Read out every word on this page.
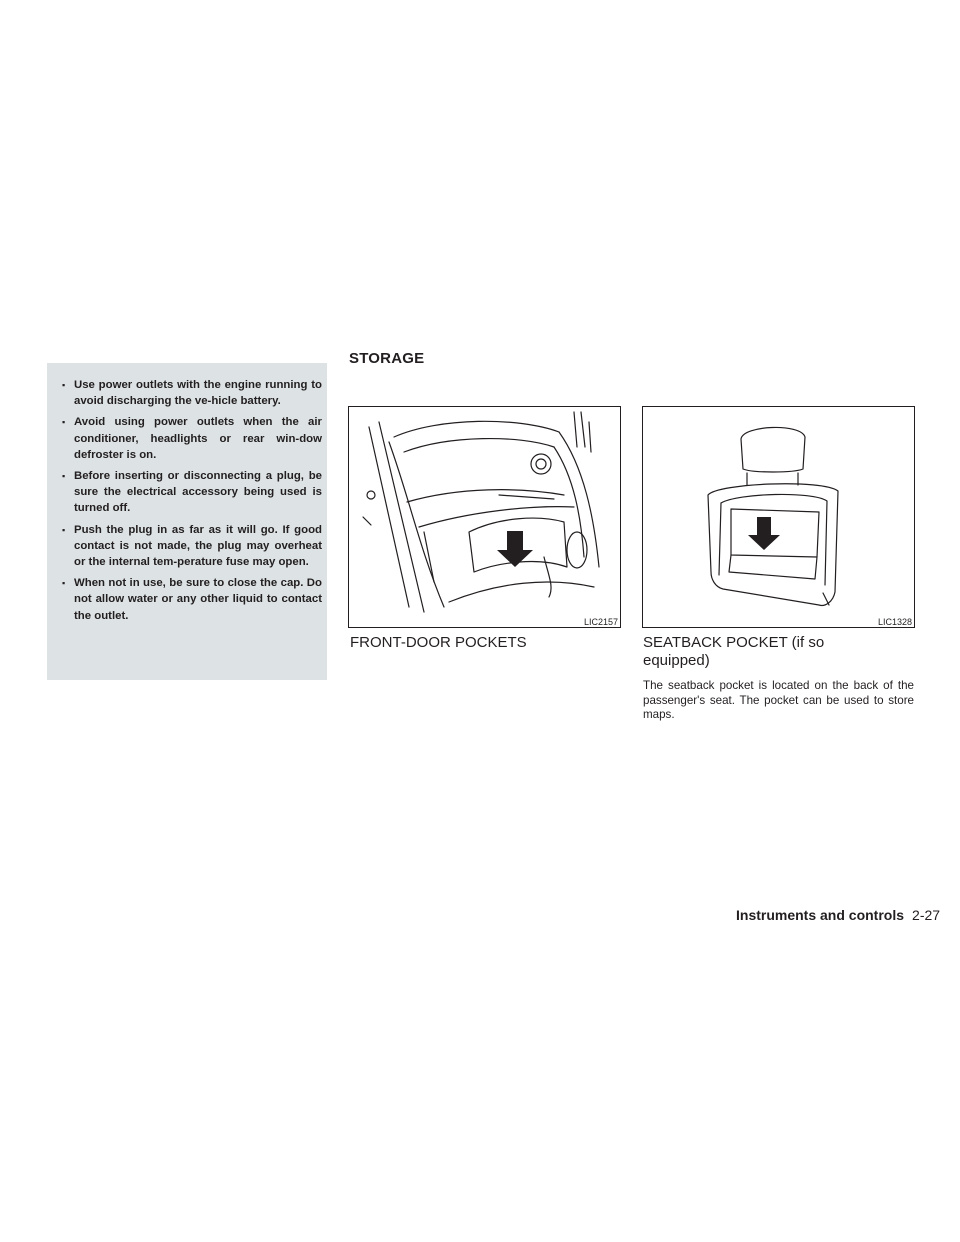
STORAGE
▪ Use power outlets with the engine running to avoid discharging the ve-hicle battery.
▪ Avoid using power outlets when the air conditioner, headlights or rear win-dow defroster is on.
▪ Before inserting or disconnecting a plug, be sure the electrical accessory being used is turned off.
▪ Push the plug in as far as it will go. If good contact is not made, the plug may overheat or the internal tem-perature fuse may open.
▪ When not in use, be sure to close the cap. Do not allow water or any other liquid to contact the outlet.
LIC2157	LIC1328
FRONT-DOOR POCKETS	SEATBACK POCKET (if so equipped)
The seatback pocket is located on the back of the passenger's seat. The pocket can be used to store maps.
Instruments and controls 2-27
